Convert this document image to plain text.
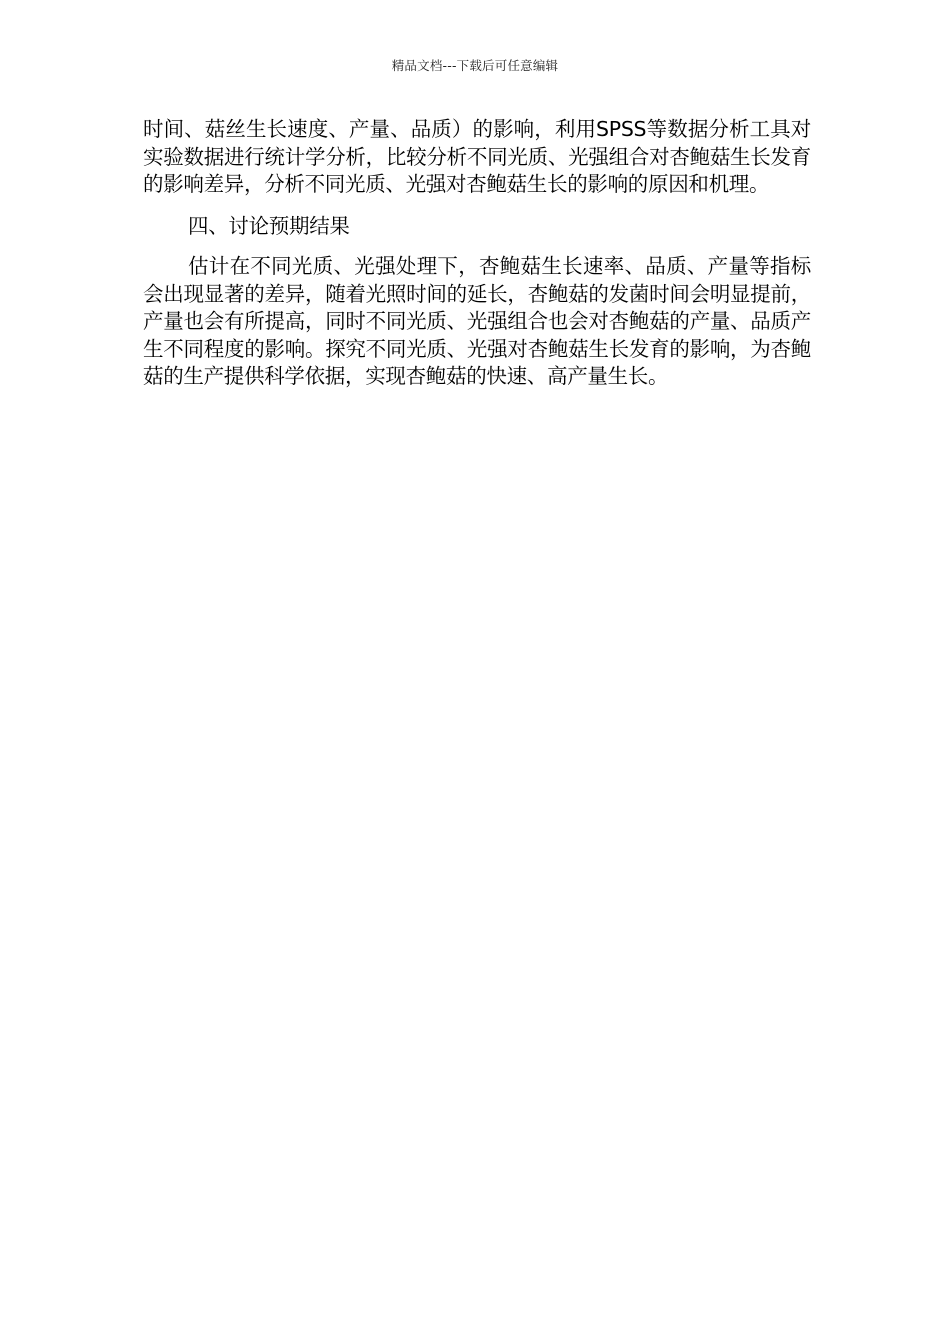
精品文档---下载后可任意编辑

时间、菇丝生长速度、产量、品质）的影响，利用SPSS等数据分析工具对实验数据进行统计学分析，比较分析不同光质、光强组合对杏鲍菇生长发育的影响差异，分析不同光质、光强对杏鲍菇生长的影响的原因和机理。

四、讨论预期结果

估计在不同光质、光强处理下，杏鲍菇生长速率、品质、产量等指标会出现显著的差异，随着光照时间的延长，杏鲍菇的发菌时间会明显提前，产量也会有所提高，同时不同光质、光强组合也会对杏鲍菇的产量、品质产生不同程度的影响。探究不同光质、光强对杏鲍菇生长发育的影响，为杏鲍菇的生产提供科学依据，实现杏鲍菇的快速、高产量生长。
